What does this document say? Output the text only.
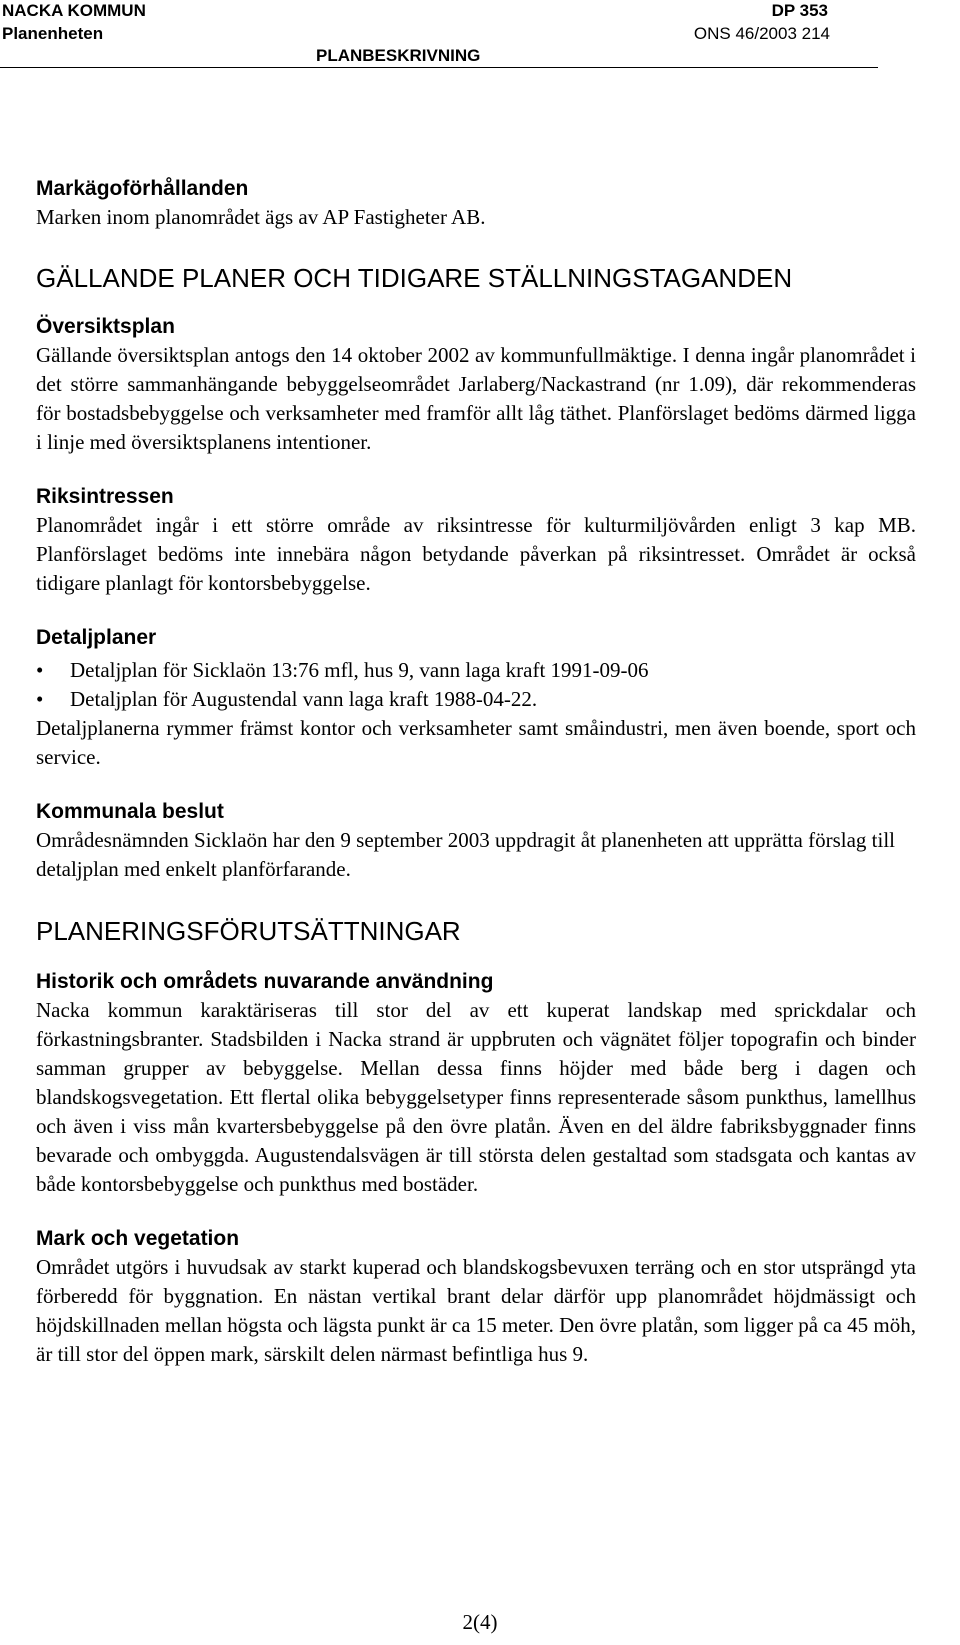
NACKA KOMMUN
Planenheten
DP 353
ONS 46/2003 214
PLANBESKRIVNING
Markägoförhållanden

Marken inom planområdet ägs av AP Fastigheter AB.

GÄLLANDE PLANER OCH TIDIGARE STÄLLNINGSTAGANDEN
Översiktsplan

Gällande översiktsplan antogs den 14 oktober 2002 av kommunfullmäktige. I denna ingår planområdet i det större sammanhängande bebyggelseområdet Jarlaberg/Nackastrand (nr 1.09), där rekommenderas för bostadsbebyggelse och verksamheter med framför allt låg täthet. Planförslaget bedöms därmed ligga i linje med översiktsplanens intentioner.

Riksintressen

Planområdet ingår i ett större område av riksintresse för kulturmiljövården enligt 3 kap MB. Planförslaget bedöms inte innebära någon betydande påverkan på riksintresset. Området är också tidigare planlagt för kontorsbebyggelse.

Detaljplaner
•	Detaljplan för Sicklaön 13:76 mfl, hus 9, vann laga kraft 1991-09-06
•	Detaljplan för Augustendal vann laga kraft 1988-04-22.

Detaljplanerna rymmer främst kontor och verksamheter samt småindustri, men även boende, sport och service.

Kommunala beslut

Områdesnämnden Sicklaön har den 9 september 2003 uppdragit åt planenheten att upprätta förslag till detaljplan med enkelt planförfarande.

PLANERINGSFÖRUTSÄTTNINGAR
Historik och områdets nuvarande användning

Nacka kommun karaktäriseras till stor del av ett kuperat landskap med sprickdalar och förkastningsbranter. Stadsbilden i Nacka strand är uppbruten och vägnätet följer topografin och binder samman grupper av bebyggelse. Mellan dessa finns höjder med både berg i dagen och blandskogsvegetation. Ett flertal olika bebyggelsetyper finns representerade såsom punkthus, lamellhus och även i viss mån kvartersbebyggelse på den övre platån. Även en del äldre fabriksbyggnader finns bevarade och ombyggda. Augustendalsvägen är till största delen gestaltad som stadsgata och kantas av både kontorsbebyggelse och punkthus med bostäder.

Mark och vegetation

Området utgörs i huvudsak av starkt kuperad och blandskogsbevuxen terräng och en stor utsprängd yta förberedd för byggnation. En nästan vertikal brant delar därför upp planområdet höjdmässigt och höjdskillnaden mellan högsta och lägsta punkt är ca 15 meter. Den övre platån, som ligger på ca 45 möh, är till stor del öppen mark, särskilt delen närmast befintliga hus 9.

2(4)
